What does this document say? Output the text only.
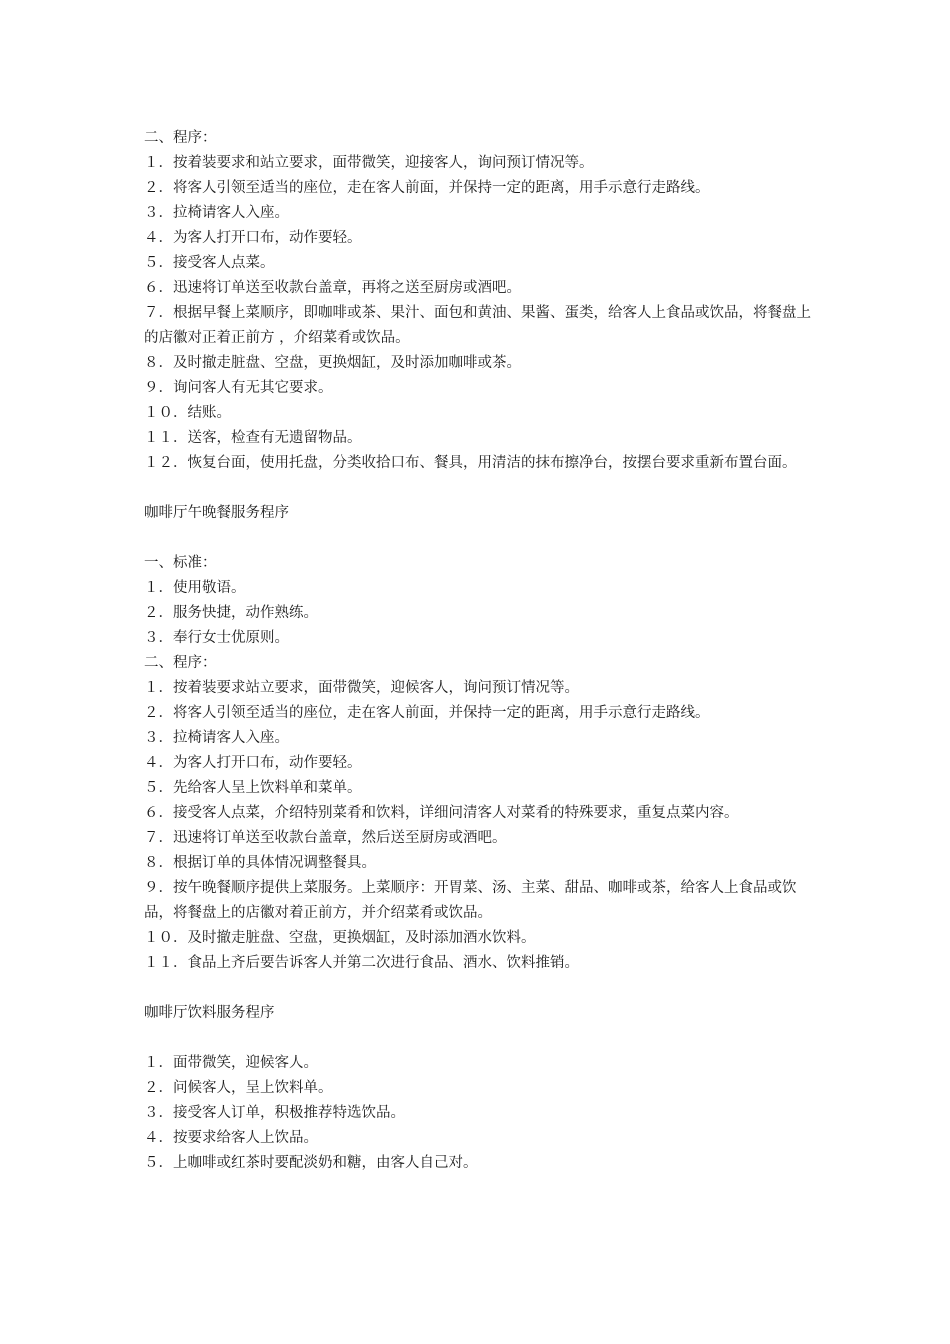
二、程序：

１．按着装要求和站立要求，面带微笑，迎接客人，询问预订情况等。

２．将客人引领至适当的座位，走在客人前面，并保持一定的距离，用手示意行走路线。

３．拉椅请客人入座。

４．为客人打开口布，动作要轻。

５．接受客人点菜。

６．迅速将订单送至收款台盖章，再将之送至厨房或酒吧。

７．根据早餐上菜顺序，即咖啡或茶、果汁、面包和黄油、果酱、蛋类，给客人上食品或饮品，将餐盘上的店徽对正着正前方 ，介绍菜肴或饮品。

８．及时撤走脏盘、空盘，更换烟缸，及时添加咖啡或茶。

９．询问客人有无其它要求。

１０．结账。

１１．送客，检查有无遗留物品。

１２．恢复台面，使用托盘，分类收拾口布、餐具，用清洁的抹布擦净台，按摆台要求重新布置台面。

咖啡厅午晚餐服务程序

一、标准：

１．使用敬语。

２．服务快捷，动作熟练。

３．奉行女士优原则。

二、程序：

１．按着装要求站立要求，面带微笑，迎候客人，询问预订情况等。

２．将客人引领至适当的座位，走在客人前面，并保持一定的距离，用手示意行走路线。

３．拉椅请客人入座。

４．为客人打开口布，动作要轻。

５．先给客人呈上饮料单和菜单。

６．接受客人点菜，介绍特别菜肴和饮料，详细问清客人对菜肴的特殊要求，重复点菜内容。

７．迅速将订单送至收款台盖章，然后送至厨房或酒吧。

８．根据订单的具体情况调整餐具。

９．按午晚餐顺序提供上菜服务。上菜顺序：开胃菜、汤、主菜、甜品、咖啡或茶，给客人上食品或饮品，将餐盘上的店徽对着正前方，并介绍菜肴或饮品。

１０．及时撤走脏盘、空盘，更换烟缸，及时添加酒水饮料。

１１．食品上齐后要告诉客人并第二次进行食品、酒水、饮料推销。

咖啡厅饮料服务程序

１．面带微笑，迎候客人。

２．问候客人，呈上饮料单。

３．接受客人订单，积极推荐特选饮品。

４．按要求给客人上饮品。

５．上咖啡或红茶时要配淡奶和糖，由客人自己对。
